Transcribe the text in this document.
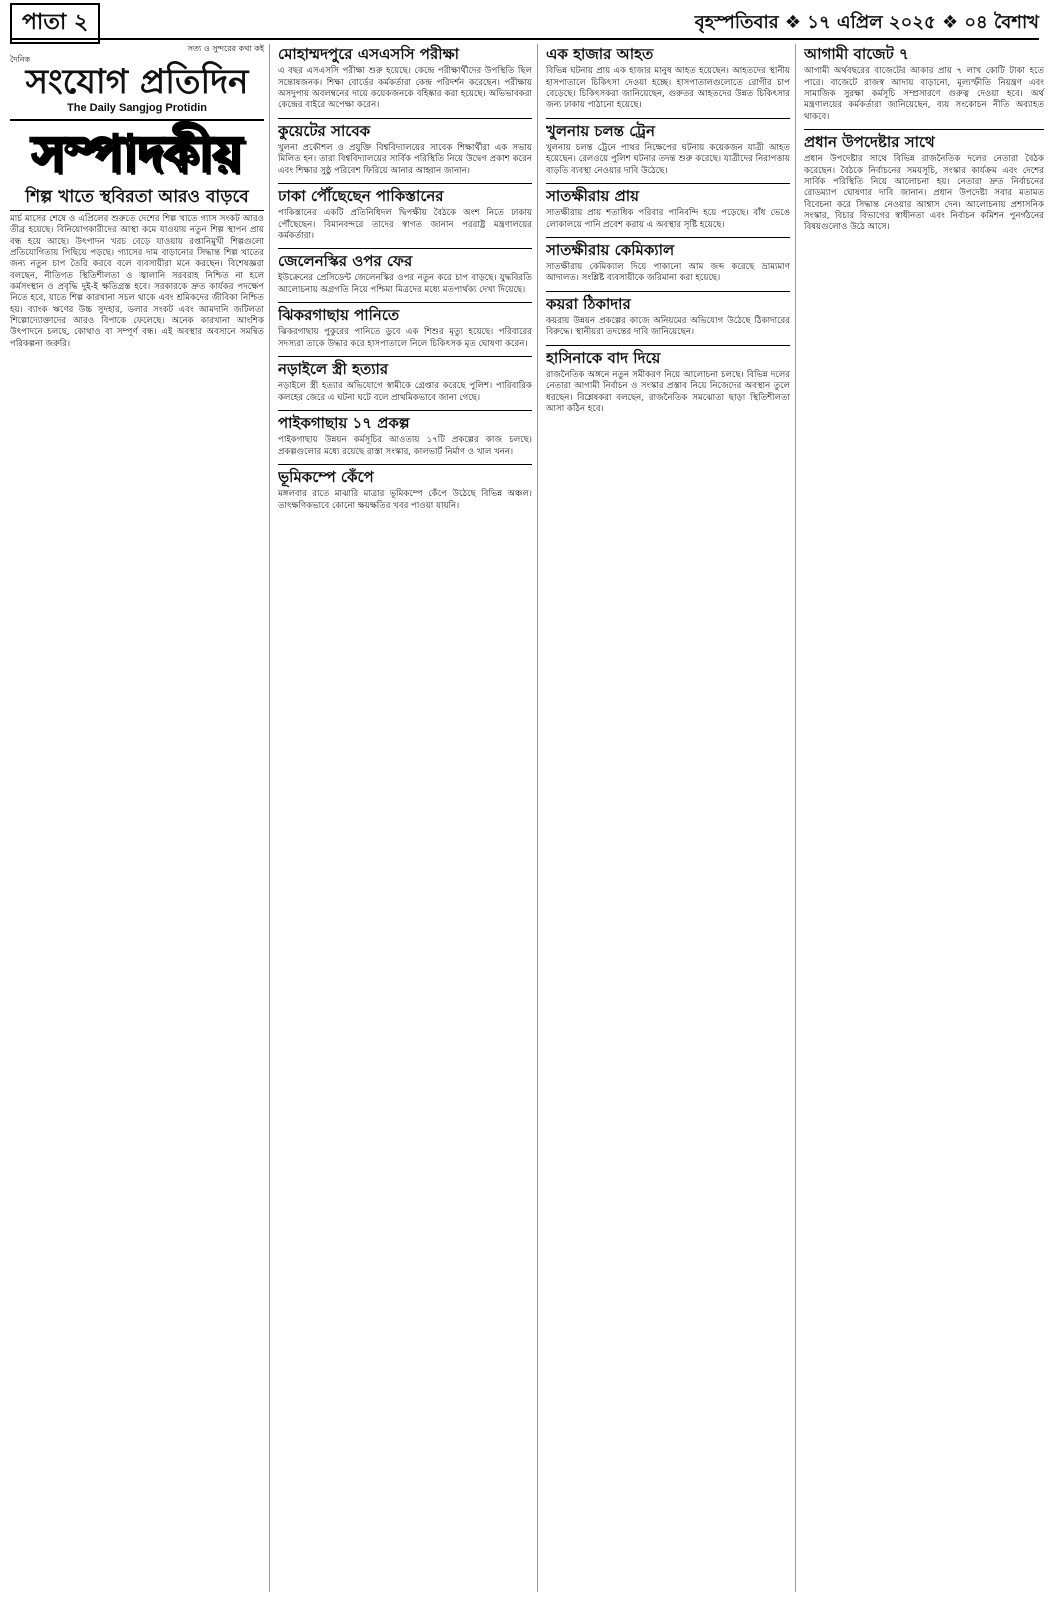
পাতা ২	বৃহস্পতিবার ❖ ১৭ এপ্রিল ২০২৫ ❖ ০৪ বৈশাখ
সত্য ও সুন্দরের কথা কই
দৈনিক
সংযোগ প্রতিদিন
The Daily Sangjog Protidin
সম্পাদকীয়
শিল্প খাতে স্থবিরতা আরও বাড়বে

মার্চ মাসের শেষে ও এপ্রিলের শুরুতে দেশের শিল্প খাতে গ্যাস সংকট আরও তীব্র হয়েছে। বিনিয়োগকারীদের আস্থা কমে যাওয়ায় নতুন শিল্প স্থাপন প্রায় বন্ধ হয়ে আছে। উৎপাদন খরচ বেড়ে যাওয়ায় রপ্তানিমুখী শিল্পগুলো প্রতিযোগিতায় পিছিয়ে পড়ছে। গ্যাসের দাম বাড়ানোর সিদ্ধান্ত শিল্প খাতের জন্য নতুন চাপ তৈরি করবে বলে ব্যবসায়ীরা মনে করছেন। বিশেষজ্ঞরা বলছেন, নীতিগত স্থিতিশীলতা ও জ্বালানি সরবরাহ নিশ্চিত না হলে কর্মসংস্থান ও প্রবৃদ্ধি দুই-ই ক্ষতিগ্রস্ত হবে। সরকারকে দ্রুত কার্যকর পদক্ষেপ নিতে হবে, যাতে শিল্প কারখানা সচল থাকে এবং শ্রমিকদের জীবিকা নিশ্চিত হয়। ব্যাংক ঋণের উচ্চ সুদহার, ডলার সংকট এবং আমদানি জটিলতা শিল্পোদ্যোক্তাদের আরও বিপাকে ফেলেছে। অনেক কারখানা আংশিক উৎপাদনে চলছে, কোথাও বা সম্পূর্ণ বন্ধ। এই অবস্থার অবসানে সমন্বিত পরিকল্পনা জরুরি।

মোহাম্মদপুরে এসএসসি পরীক্ষা

এ বছর এসএসসি পরীক্ষা শুরু হয়েছে। কেন্দ্রে পরীক্ষার্থীদের উপস্থিতি ছিল সন্তোষজনক। শিক্ষা বোর্ডের কর্মকর্তারা কেন্দ্র পরিদর্শন করেছেন। পরীক্ষায় অসদুপায় অবলম্বনের দায়ে কয়েকজনকে বহিষ্কার করা হয়েছে। অভিভাবকরা কেন্দ্রের বাইরে অপেক্ষা করেন।

কুয়েটের সাবেক

খুলনা প্রকৌশল ও প্রযুক্তি বিশ্ববিদ্যালয়ের সাবেক শিক্ষার্থীরা এক সভায় মিলিত হন। তারা বিশ্ববিদ্যালয়ের সার্বিক পরিস্থিতি নিয়ে উদ্বেগ প্রকাশ করেন এবং শিক্ষার সুষ্ঠু পরিবেশ ফিরিয়ে আনার আহ্বান জানান।

ঢাকা পৌঁছেছেন পাকিস্তানের

পাকিস্তানের একটি প্রতিনিধিদল দ্বিপক্ষীয় বৈঠকে অংশ নিতে ঢাকায় পৌঁছেছেন। বিমানবন্দরে তাদের স্বাগত জানান পররাষ্ট্র মন্ত্রণালয়ের কর্মকর্তারা।

জেলেনস্কির ওপর ফের

ইউক্রেনের প্রেসিডেন্ট জেলেনস্কির ওপর নতুন করে চাপ বাড়ছে। যুদ্ধবিরতি আলোচনায় অগ্রগতি নিয়ে পশ্চিমা মিত্রদের মধ্যে মতপার্থক্য দেখা দিয়েছে।

ঝিকরগাছায় পানিতে

ঝিকরগাছায় পুকুরের পানিতে ডুবে এক শিশুর মৃত্যু হয়েছে। পরিবারের সদস্যরা তাকে উদ্ধার করে হাসপাতালে নিলে চিকিৎসক মৃত ঘোষণা করেন।

নড়াইলে স্ত্রী হত্যার

নড়াইলে স্ত্রী হত্যার অভিযোগে স্বামীকে গ্রেপ্তার করেছে পুলিশ। পারিবারিক কলহের জেরে এ ঘটনা ঘটে বলে প্রাথমিকভাবে জানা গেছে।

পাইকগাছায় ১৭ প্রকল্প

পাইকগাছায় উন্নয়ন কর্মসূচির আওতায় ১৭টি প্রকল্পের কাজ চলছে। প্রকল্পগুলোর মধ্যে রয়েছে রাস্তা সংস্কার, কালভার্ট নির্মাণ ও খাল খনন।

ভূমিকম্পে কেঁপে

মঙ্গলবার রাতে মাঝারি মাত্রার ভূমিকম্পে কেঁপে উঠেছে বিভিন্ন অঞ্চল। তাৎক্ষণিকভাবে কোনো ক্ষয়ক্ষতির খবর পাওয়া যায়নি।

এক হাজার আহত

বিভিন্ন ঘটনায় প্রায় এক হাজার মানুষ আহত হয়েছেন। আহতদের স্থানীয় হাসপাতালে চিকিৎসা দেওয়া হচ্ছে। হাসপাতালগুলোতে রোগীর চাপ বেড়েছে। চিকিৎসকরা জানিয়েছেন, গুরুতর আহতদের উন্নত চিকিৎসার জন্য ঢাকায় পাঠানো হয়েছে।

খুলনায় চলন্ত ট্রেন

খুলনায় চলন্ত ট্রেনে পাথর নিক্ষেপের ঘটনায় কয়েকজন যাত্রী আহত হয়েছেন। রেলওয়ে পুলিশ ঘটনার তদন্ত শুরু করেছে। যাত্রীদের নিরাপত্তায় বাড়তি ব্যবস্থা নেওয়ার দাবি উঠেছে।

সাতক্ষীরায় প্রায়

সাতক্ষীরায় প্রায় শতাধিক পরিবার পানিবন্দি হয়ে পড়েছে। বাঁধ ভেঙে লোকালয়ে পানি প্রবেশ করায় এ অবস্থার সৃষ্টি হয়েছে।

সাতক্ষীরায় কেমিক্যাল

সাতক্ষীরায় কেমিক্যাল দিয়ে পাকানো আম জব্দ করেছে ভ্রাম্যমাণ আদালত। সংশ্লিষ্ট ব্যবসায়ীকে জরিমানা করা হয়েছে।

কয়রা ঠিকাদার

কয়রায় উন্নয়ন প্রকল্পের কাজে অনিয়মের অভিযোগ উঠেছে ঠিকাদারের বিরুদ্ধে। স্থানীয়রা তদন্তের দাবি জানিয়েছেন।

হাসিনাকে বাদ দিয়ে

রাজনৈতিক অঙ্গনে নতুন সমীকরণ নিয়ে আলোচনা চলছে। বিভিন্ন দলের নেতারা আগামী নির্বাচন ও সংস্কার প্রস্তাব নিয়ে নিজেদের অবস্থান তুলে ধরছেন। বিশ্লেষকরা বলছেন, রাজনৈতিক সমঝোতা ছাড়া স্থিতিশীলতা আসা কঠিন হবে।

আগামী বাজেট ৭

আগামী অর্থবছরের বাজেটের আকার প্রায় ৭ লাখ কোটি টাকা হতে পারে। বাজেটে রাজস্ব আদায় বাড়ানো, মূল্যস্ফীতি নিয়ন্ত্রণ এবং সামাজিক সুরক্ষা কর্মসূচি সম্প্রসারণে গুরুত্ব দেওয়া হবে। অর্থ মন্ত্রণালয়ের কর্মকর্তারা জানিয়েছেন, ব্যয় সংকোচন নীতি অব্যাহত থাকবে।

প্রধান উপদেষ্টার সাথে

প্রধান উপদেষ্টার সাথে বিভিন্ন রাজনৈতিক দলের নেতারা বৈঠক করেছেন। বৈঠকে নির্বাচনের সময়সূচি, সংস্কার কার্যক্রম এবং দেশের সার্বিক পরিস্থিতি নিয়ে আলোচনা হয়। নেতারা দ্রুত নির্বাচনের রোডম্যাপ ঘোষণার দাবি জানান। প্রধান উপদেষ্টা সবার মতামত বিবেচনা করে সিদ্ধান্ত নেওয়ার আশ্বাস দেন। আলোচনায় প্রশাসনিক সংস্কার, বিচার বিভাগের স্বাধীনতা এবং নির্বাচন কমিশন পুনর্গঠনের বিষয়গুলোও উঠে আসে।
